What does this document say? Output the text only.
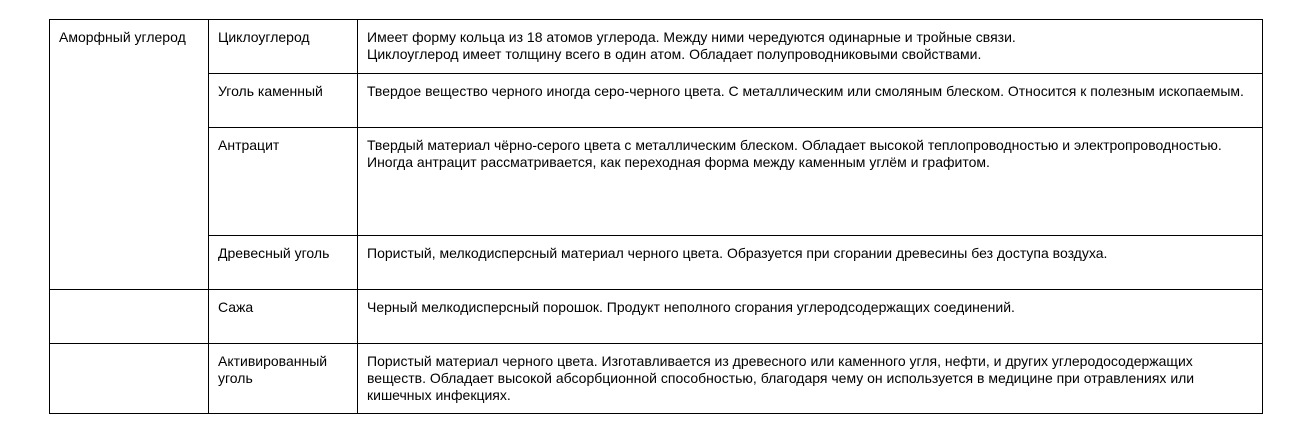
Аморфный углерод	Циклоуглерод	Имеет форму кольца из 18 атомов углерода. Между ними чередуются одинарные и тройные связи.
Циклоуглерод имеет толщину всего в один атом. Обладает полупроводниковыми свойствами.
	Уголь каменный	Твердое вещество черного иногда серо-черного цвета. С металлическим или смоляным блеском. Относится к полезным ископаемым.
	Антрацит	Твердый материал чёрно-серого цвета с металлическим блеском. Обладает высокой теплопроводностью и электропроводностью.
Иногда антрацит рассматривается, как переходная форма между каменным углём и графитом.
	Древесный уголь	Пористый, мелкодисперсный материал черного цвета. Образуется при сгорании древесины без доступа воздуха.
	Сажа	Черный мелкодисперсный порошок. Продукт неполного сгорания углеродсодержащих соединений.
	Активированный уголь	Пористый материал черного цвета. Изготавливается из древесного или каменного угля, нефти, и других углеродосодержащих веществ. Обладает высокой абсорбционной способностью, благодаря чему он используется в медицине при отравлениях или кишечных инфекциях.
